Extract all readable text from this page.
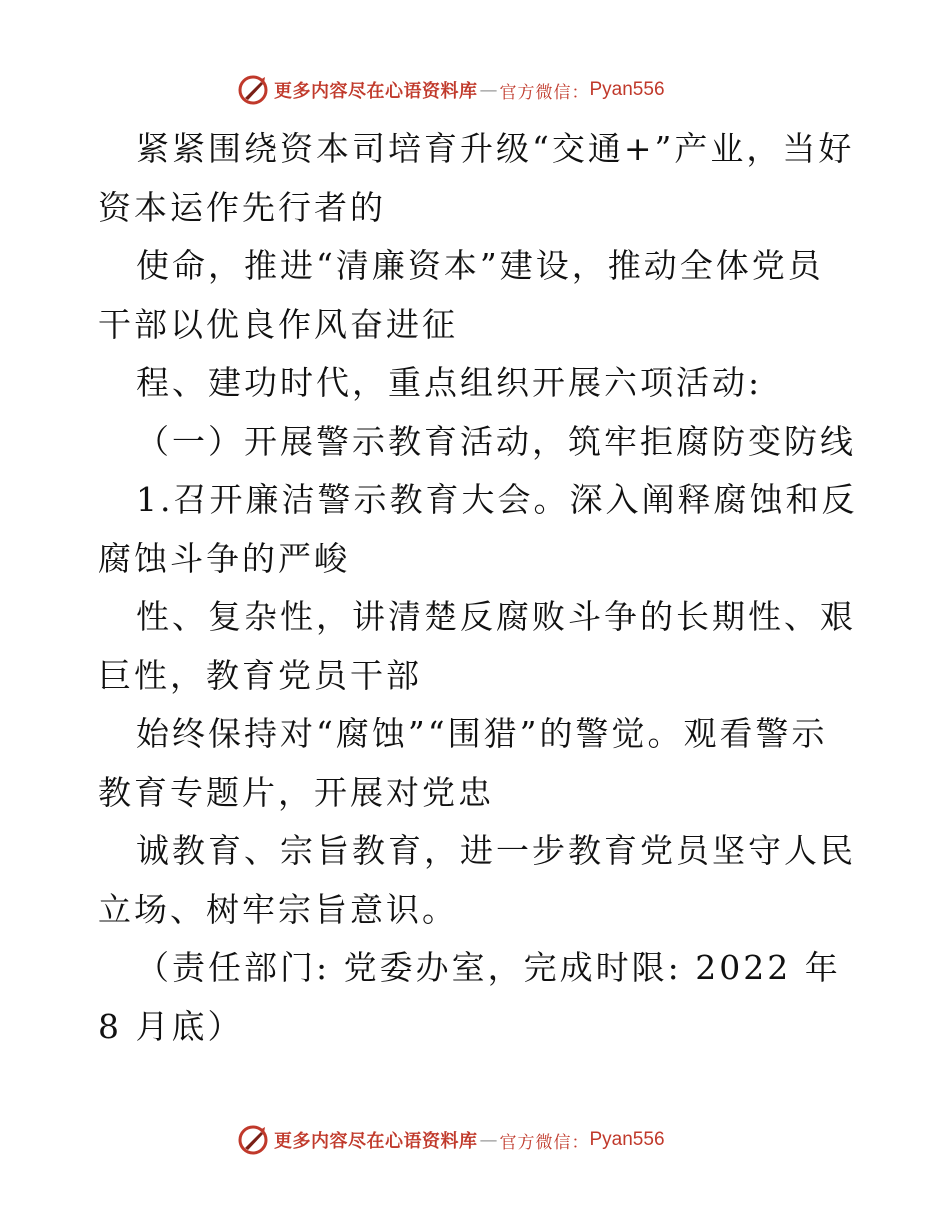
更多内容尽在心语资料库 — 官方微信： Pyan556

紧紧围绕资本司培育升级“交通+”产业，当好资本运作先行者的

使命，推进“清廉资本”建设，推动全体党员干部以优良作风奋进征

程、建功时代，重点组织开展六项活动:

（一）开展警示教育活动，筑牢拒腐防变防线

1.召开廉洁警示教育大会。深入阐释腐蚀和反腐蚀斗争的严峻

性、复杂性，讲清楚反腐败斗争的长期性、艰巨性，教育党员干部

始终保持对“腐蚀”“围猎”的警觉。观看警示教育专题片，开展对党忠

诚教育、宗旨教育，进一步教育党员坚守人民立场、树牢宗旨意识。

（责任部门: 党委办室，完成时限: 2022 年 8 月底）

更多内容尽在心语资料库 — 官方微信： Pyan556
